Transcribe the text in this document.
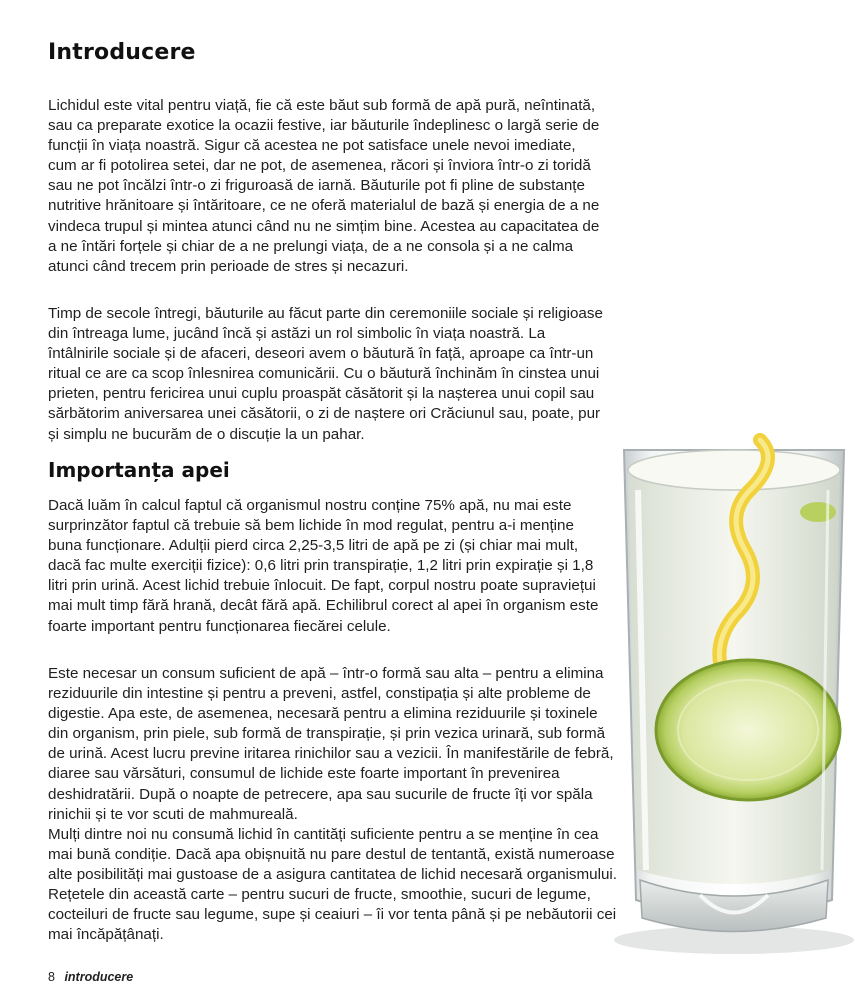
Introducere

Lichidul este vital pentru viață, fie că este băut sub formă de apă pură, neîntinată, sau ca preparate exotice la ocazii festive, iar băuturile îndeplinesc o largă serie de funcții în viața noastră. Sigur că acestea ne pot satisface unele nevoi imediate, cum ar fi potolirea setei, dar ne pot, de asemenea, răcori și înviora într-o zi toridă sau ne pot încălzi într-o zi friguroasă de iarnă. Băuturile pot fi pline de substanțe nutritive hrănitoare și întăritoare, ce ne oferă materialul de bază și energia de a ne vindeca trupul și mintea atunci când nu ne simțim bine. Acestea au capacitatea de a ne întări forțele și chiar de a ne prelungi viața, de a ne consola și a ne calma atunci când trecem prin perioade de stres și necazuri.

Timp de secole întregi, băuturile au făcut parte din ceremoniile sociale și religioase din întreaga lume, jucând încă și astăzi un rol simbolic în viața noastră. La întâlnirile sociale și de afaceri, deseori avem o băutură în față, aproape ca într-un ritual ce are ca scop înlesnirea comunicării. Cu o băutură închinăm în cinstea unui prieten, pentru fericirea unui cuplu proaspăt căsătorit și la nașterea unui copil sau sărbătorim aniversarea unei căsătorii, o zi de naștere ori Crăciunul sau, poate, pur și simplu ne bucurăm de o discuție la un pahar.

Importanța apei

Dacă luăm în calcul faptul că organismul nostru conține 75% apă, nu mai este surprinzător faptul că trebuie să bem lichide în mod regulat, pentru a-i menține buna funcționare. Adulții pierd circa 2,25-3,5 litri de apă pe zi (și chiar mai mult, dacă fac multe exerciții fizice): 0,6 litri prin transpirație, 1,2 litri prin expirație și 1,8 litri prin urină. Acest lichid trebuie înlocuit. De fapt, corpul nostru poate supraviețui mai mult timp fără hrană, decât fără apă. Echilibrul corect al apei în organism este foarte important pentru funcționarea fiecărei celule.

Este necesar un consum suficient de apă – într-o formă sau alta – pentru a elimina reziduurile din intestine și pentru a preveni, astfel, constipația și alte probleme de digestie. Apa este, de asemenea, necesară pentru a elimina reziduurile și toxinele din organism, prin piele, sub formă de transpirație, și prin vezica urinară, sub formă de urină. Acest lucru previne iritarea rinichilor sau a vezicii. În manifestările de febră, diaree sau vărsături, consumul de lichide este foarte important în prevenirea deshidratării. După o noapte de petrecere, apa sau sucurile de fructe îți vor spăla rinichii și te vor scuti de mahmureală.

Mulți dintre noi nu consumă lichid în cantități suficiente pentru a se menține în cea mai bună condiție. Dacă apa obișnuită nu pare destul de tentantă, există numeroase alte posibilități mai gustoase de a asigura cantitatea de lichid necesară organismului. Rețetele din această carte – pentru sucuri de fructe, smoothie, sucuri de legume, cocteiluri de fructe sau legume, supe și ceaiuri – îi vor tenta până și pe nebăutorii cei mai încăpățânați.

8 introducere
